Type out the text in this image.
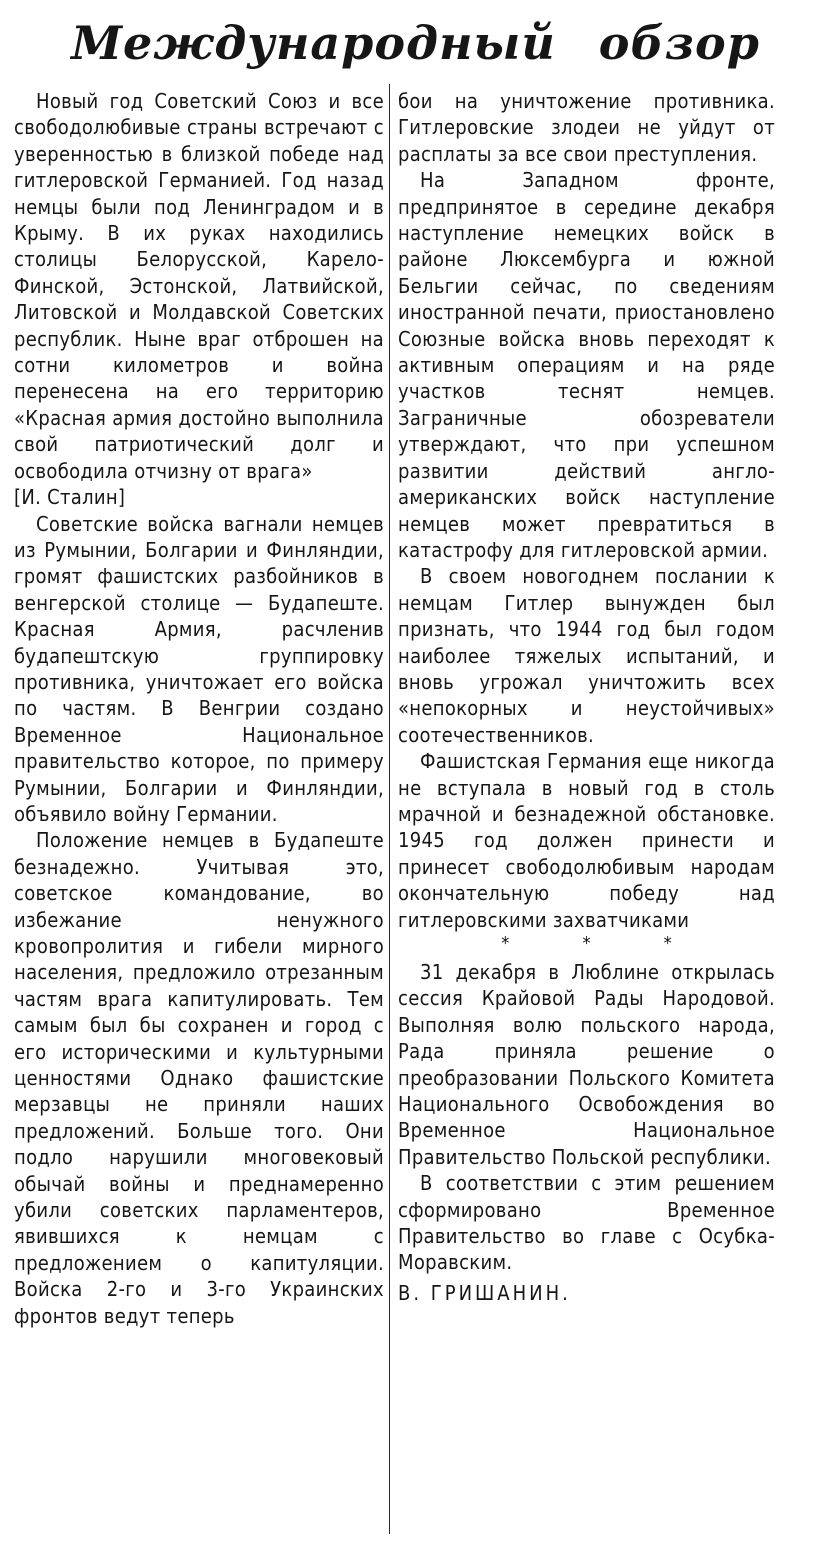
Международный обзор

Новый год Советский Союз и все свободолюбивые страны встречают с уверенностью в близкой победе над гитлеровской Германией. Год назад немцы были под Ленинградом и в Крыму. В их руках находились столицы Белорусской, Карело-Финской, Эстонской, Латвийской, Литовской и Молдавской Советских республик. Ныне враг отброшен на сотни километров и война перенесена на его территорию «Красная армия достойно выполнила свой патриотический долг и освободила отчизну от врага»

[И. Сталин]

Советские войска вагнали немцев из Румынии, Болгарии и Финляндии, громят фашистских разбойников в венгерской столице — Будапеште. Красная Армия, расчленив будапештскую группировку противника, уничтожает его войска по частям. В Венгрии создано Временное Национальное правительство которое, по примеру Румынии, Болгарии и Финляндии, объявило войну Германии.

Положение немцев в Будапеште безнадежно. Учитывая это, советское командование, во избежание ненужного кровопролития и гибели мирного населения, предложило отрезанным частям врага капитулировать. Тем самым был бы сохранен и город с его историческими и культурными ценностями Однако фашистские мерзавцы не приняли наших предложений. Больше того. Они подло нарушили многовековый обычай войны и преднамеренно убили советских парламентеров, явившихся к немцам с предложением о капитуляции. Войска 2-го и 3-го Украинских фронтов ведут теперь

бои на уничтожение противника. Гитлеровские злодеи не уйдут от расплаты за все свои преступления.

На Западном фронте, предпринятое в середине декабря наступление немецких войск в районе Люксембурга и южной Бельгии сейчас, по сведениям иностранной печати, приостановлено Союзные войска вновь переходят к активным операциям и на ряде участков теснят немцев. Заграничные обозреватели утверждают, что при успешном развитии действий англо-американских войск наступление немцев может превратиться в катастрофу для гитлеровской армии.

В своем новогоднем послании к немцам Гитлер вынужден был признать, что 1944 год был годом наиболее тяжелых испытаний, и вновь угрожал уничтожить всех «непокорных и неустойчивых» соотечественников.

Фашистская Германия еще никогда не вступала в новый год в столь мрачной и безнадежной обстановке. 1945 год должен принести и принесет свободолюбивым народам окончательную победу над гитлеровскими захватчиками

* * *

31 декабря в Люблине открылась сессия Крайовой Рады Народовой. Выполняя волю польского народа, Рада приняла решение о преобразовании Польского Комитета Национального Освобождения во Временное Национальное Правительство Польской республики.

В соответствии с этим решением сформировано Временное Правительство во главе с Осубка-Моравским.

В. ГРИШАНИН.
